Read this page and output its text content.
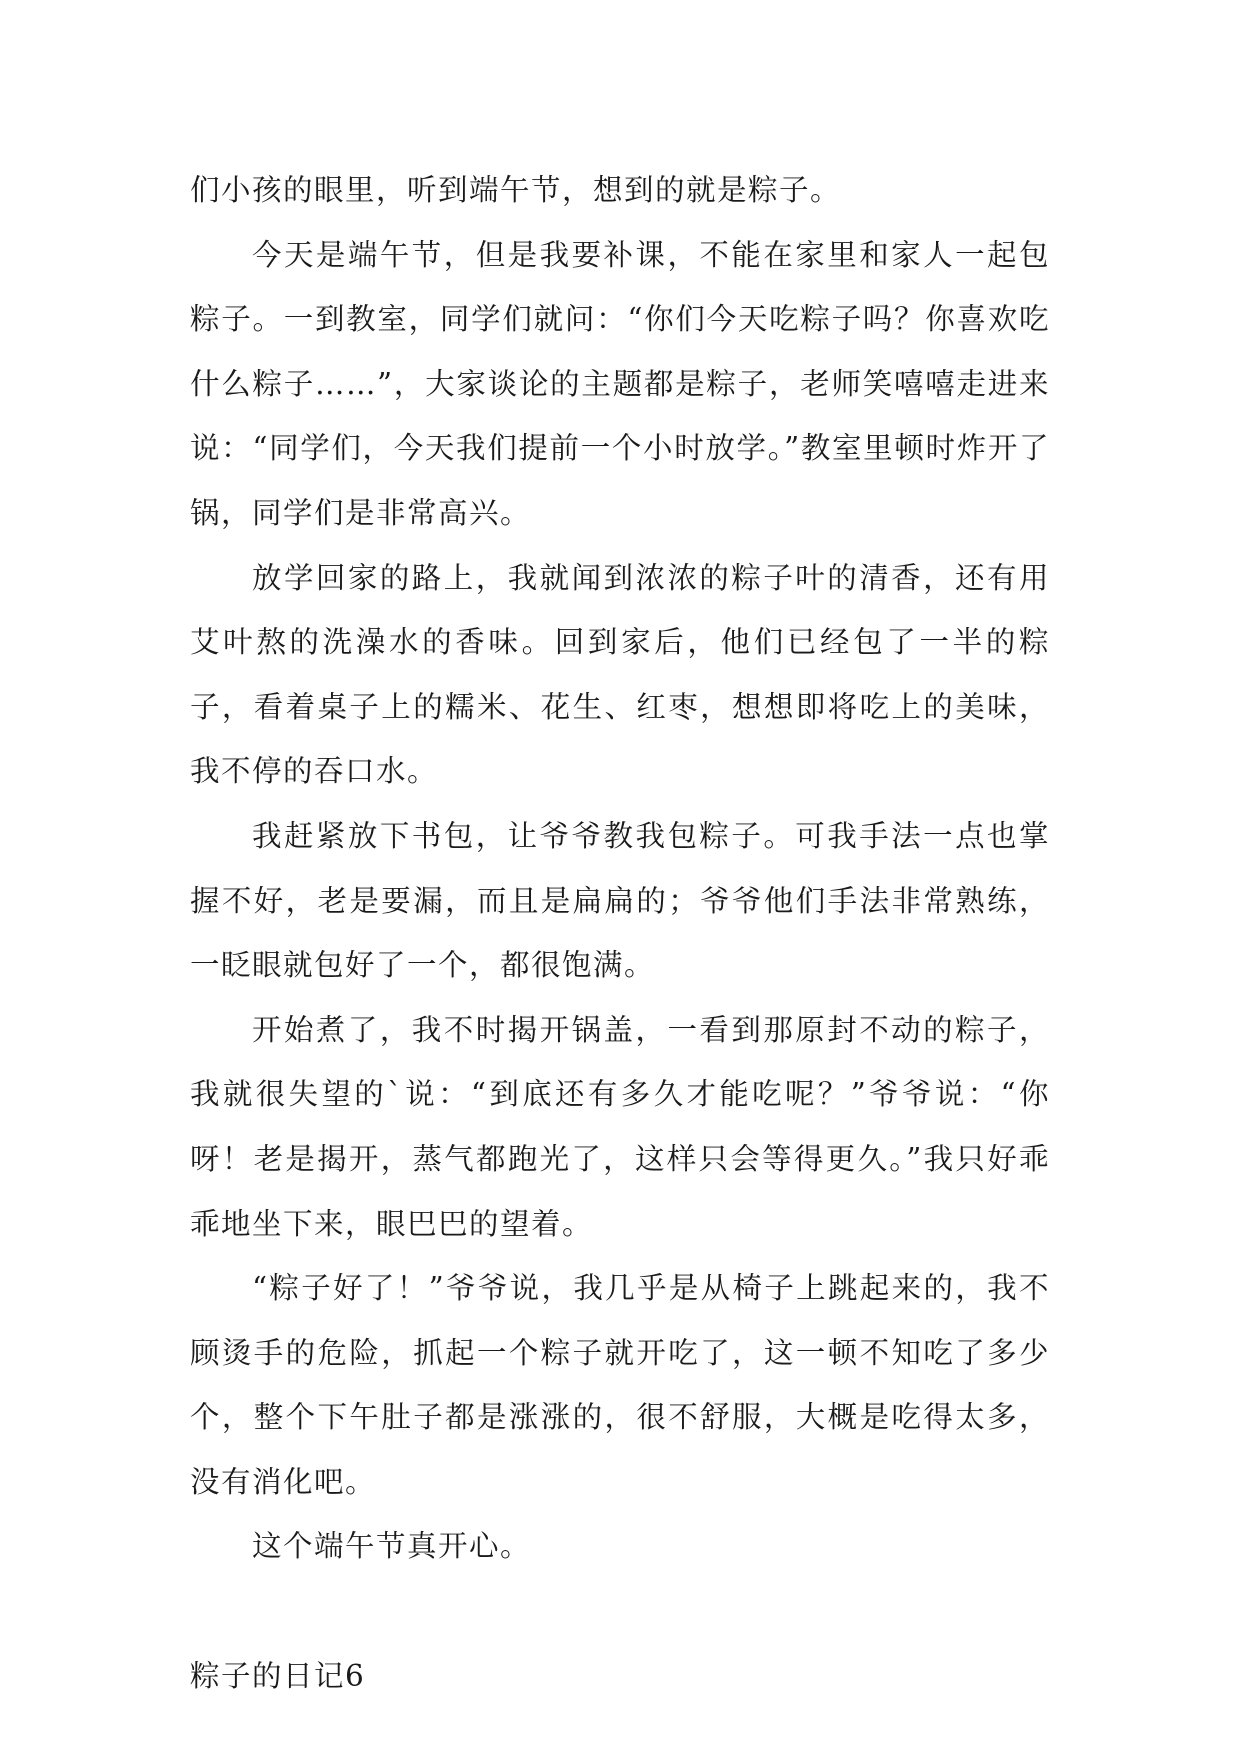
们小孩的眼里，听到端午节，想到的就是粽子。

今天是端午节，但是我要补课，不能在家里和家人一起包粽子。一到教室，同学们就问：“你们今天吃粽子吗？你喜欢吃什么粽子……”，大家谈论的主题都是粽子，老师笑嘻嘻走进来说：“同学们，今天我们提前一个小时放学。”教室里顿时炸开了锅，同学们是非常高兴。

放学回家的路上，我就闻到浓浓的粽子叶的清香，还有用艾叶熬的洗澡水的香味。回到家后，他们已经包了一半的粽子，看着桌子上的糯米、花生、红枣，想想即将吃上的美味，我不停的吞口水。

我赶紧放下书包，让爷爷教我包粽子。可我手法一点也掌握不好，老是要漏，而且是扁扁的；爷爷他们手法非常熟练，一眨眼就包好了一个，都很饱满。

开始煮了，我不时揭开锅盖，一看到那原封不动的粽子，我就很失望的`说：“到底还有多久才能吃呢？”爷爷说：“你呀！老是揭开，蒸气都跑光了，这样只会等得更久。”我只好乖乖地坐下来，眼巴巴的望着。

“粽子好了！”爷爷说，我几乎是从椅子上跳起来的，我不顾烫手的危险，抓起一个粽子就开吃了，这一顿不知吃了多少个，整个下午肚子都是涨涨的，很不舒服，大概是吃得太多，没有消化吧。

这个端午节真开心。

粽子的日记6
